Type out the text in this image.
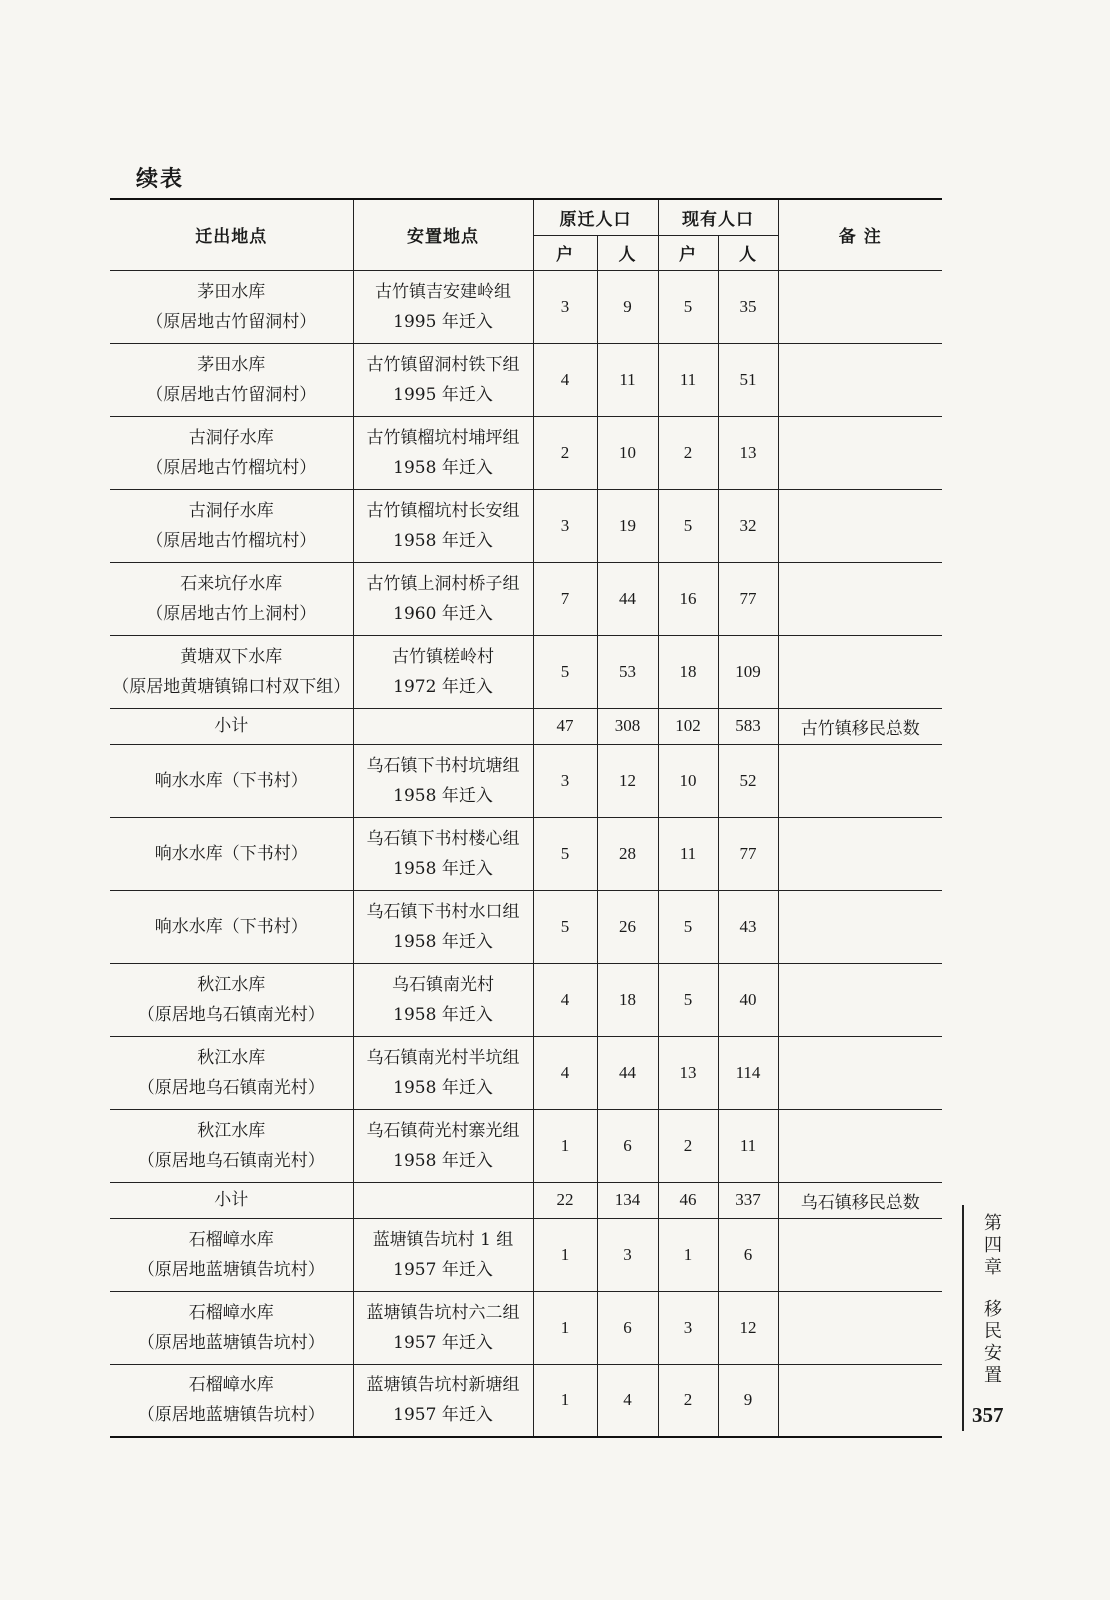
续表
迁出地点	安置地点	原迁人口		现有人口		备 注
		户	人	户	人	

茅田水库
（原居地古竹留洞村）	古竹镇吉安建岭组
1995 年迁入	3	9	5	35	

茅田水库
（原居地古竹留洞村）	古竹镇留洞村铁下组
1995 年迁入	4	11	11	51	

古洞仔水库
（原居地古竹榴坑村）	古竹镇榴坑村埔坪组
1958 年迁入	2	10	2	13	

古洞仔水库
（原居地古竹榴坑村）	古竹镇榴坑村长安组
1958 年迁入	3	19	5	32	

石来坑仔水库
（原居地古竹上洞村）	古竹镇上洞村桥子组
1960 年迁入	7	44	16	77	

黄塘双下水库
（原居地黄塘镇锦口村双下组）	古竹镇槎岭村
1972 年迁入	5	53	18	109	

小计		47	308	102	583	古竹镇移民总数

响水水库（下书村）	乌石镇下书村坑塘组
1958 年迁入	3	12	10	52	

响水水库（下书村）	乌石镇下书村楼心组
1958 年迁入	5	28	11	77	

响水水库（下书村）	乌石镇下书村水口组
1958 年迁入	5	26	5	43	

秋江水库
（原居地乌石镇南光村）	乌石镇南光村
1958 年迁入	4	18	5	40	

秋江水库
（原居地乌石镇南光村）	乌石镇南光村半坑组
1958 年迁入	4	44	13	114	

秋江水库
（原居地乌石镇南光村）	乌石镇荷光村寨光组
1958 年迁入	1	6	2	11	

小计		22	134	46	337	乌石镇移民总数

石榴嶂水库
（原居地蓝塘镇告坑村）	蓝塘镇告坑村 1 组
1957 年迁入	1	3	1	6	

石榴嶂水库
（原居地蓝塘镇告坑村）	蓝塘镇告坑村六二组
1957 年迁入	1	6	3	12	

石榴嶂水库
（原居地蓝塘镇告坑村）	蓝塘镇告坑村新塘组
1957 年迁入	1	4	2	9	
第四章
移民安置
357
